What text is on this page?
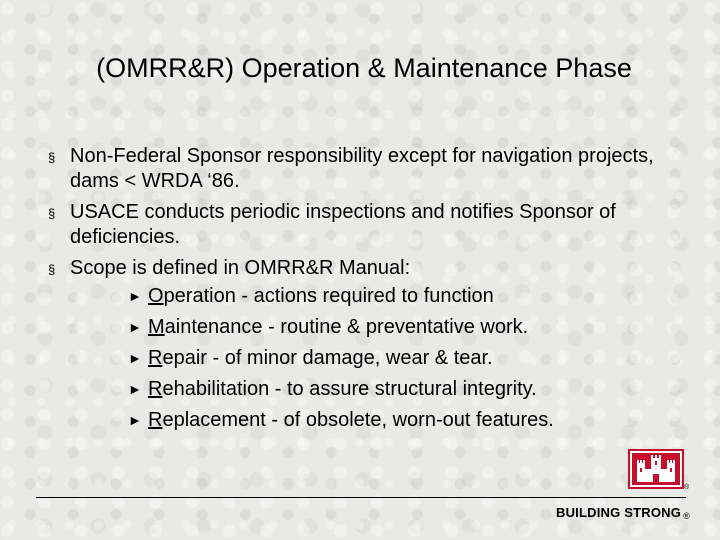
(OMRR&R) Operation & Maintenance Phase
§ Non-Federal Sponsor responsibility except for navigation projects, dams < WRDA ‘86.
§ USACE conducts periodic inspections and notifies Sponsor of deficiencies.
§ Scope is defined in OMRR&R Manual:
► Operation - actions required to function
► Maintenance - routine & preventative work.
► Repair - of minor damage, wear & tear.
► Rehabilitation - to assure structural integrity.
► Replacement - of obsolete, worn-out features.
®
BUILDING STRONG ®
